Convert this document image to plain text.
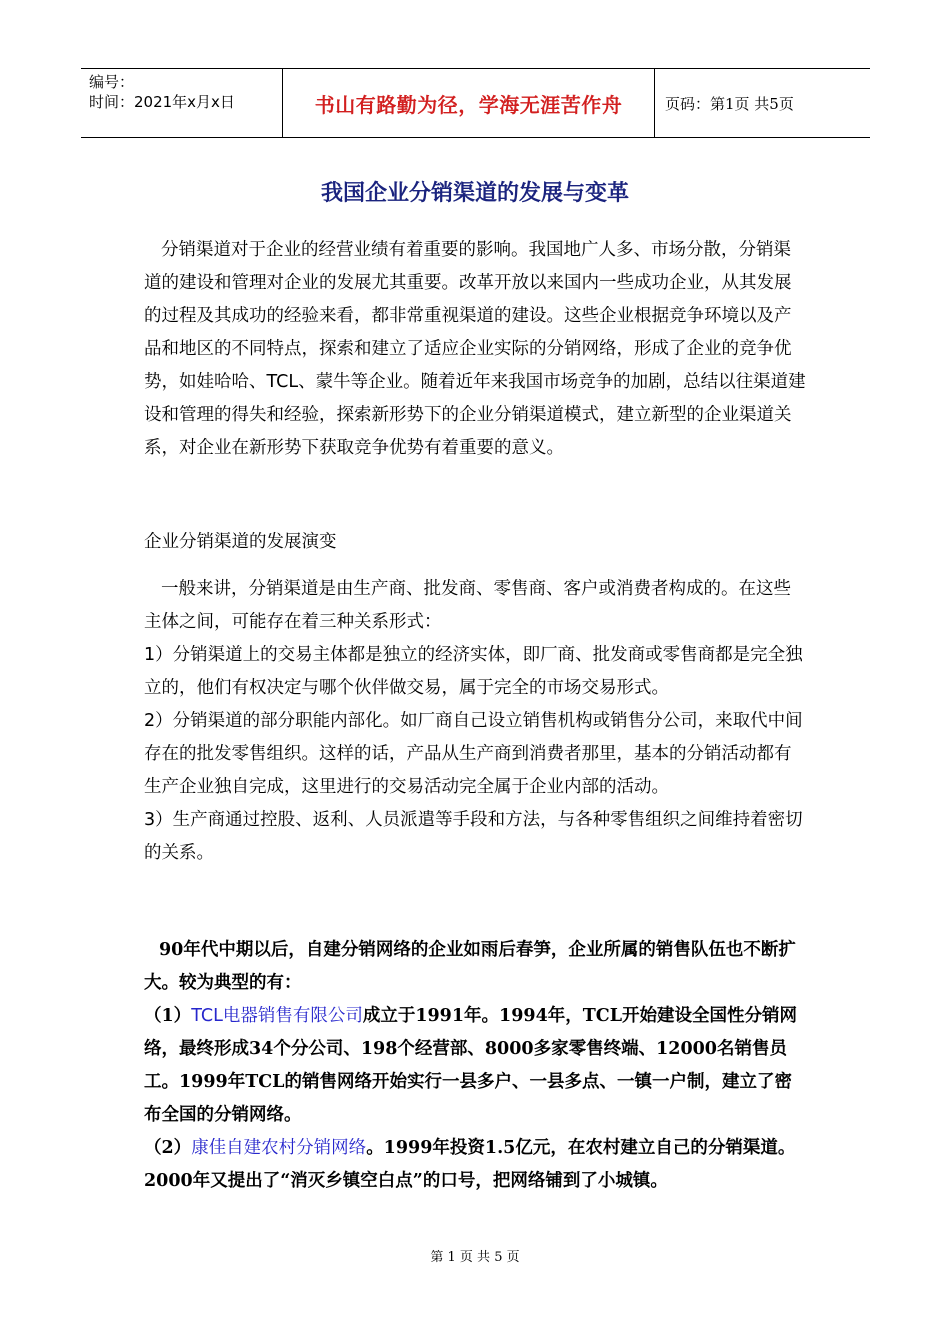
编号：
时间：2021年x月x日	书山有路勤为径，学海无涯苦作舟	页码：第1页 共5页
我国企业分销渠道的发展与变革

分销渠道对于企业的经营业绩有着重要的影响。我国地广人多、市场分散，分销渠道的建设和管理对企业的发展尤其重要。改革开放以来国内一些成功企业，从其发展的过程及其成功的经验来看，都非常重视渠道的建设。这些企业根据竞争环境以及产品和地区的不同特点，探索和建立了适应企业实际的分销网络，形成了企业的竞争优势，如娃哈哈、TCL、蒙牛等企业。随着近年来我国市场竞争的加剧，总结以往渠道建设和管理的得失和经验，探索新形势下的企业分销渠道模式，建立新型的企业渠道关系，对企业在新形势下获取竞争优势有着重要的意义。

企业分销渠道的发展演变

一般来讲，分销渠道是由生产商、批发商、零售商、客户或消费者构成的。在这些主体之间，可能存在着三种关系形式：

1）分销渠道上的交易主体都是独立的经济实体，即厂商、批发商或零售商都是完全独立的，他们有权决定与哪个伙伴做交易，属于完全的市场交易形式。

2）分销渠道的部分职能内部化。如厂商自己设立销售机构或销售分公司，来取代中间存在的批发零售组织。这样的话，产品从生产商到消费者那里，基本的分销活动都有生产企业独自完成，这里进行的交易活动完全属于企业内部的活动。

3）生产商通过控股、返利、人员派遣等手段和方法，与各种零售组织之间维持着密切的关系。

90年代中期以后，自建分销网络的企业如雨后春笋，企业所属的销售队伍也不断扩大。较为典型的有：

（1）TCL电器销售有限公司成立于1991年。1994年，TCL开始建设全国性分销网络，最终形成34个分公司、198个经营部、8000多家零售终端、12000名销售员工。1999年TCL的销售网络开始实行一县多户、一县多点、一镇一户制，建立了密布全国的分销网络。

（2）康佳自建农村分销网络。1999年投资1.5亿元，在农村建立自己的分销渠道。2000年又提出了“消灭乡镇空白点”的口号，把网络铺到了小城镇。

第 1 页 共 5 页
